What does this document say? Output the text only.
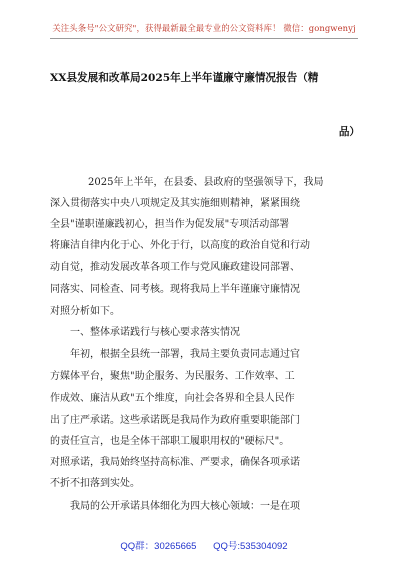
关注头条号"公文研究"，获得最新最全最专业的公文资料库！ 微信：gongwenyj
XX县发展和改革局2025年上半年谨廉守廉情况报告（精
品）
2025年上半年，在县委、县政府的坚强领导下，我局
深入贯彻落实中央八项规定及其实施细则精神，紧紧围绕
全县"谨职谨廉践初心，担当作为促发展"专项活动部署
将廉洁自律内化于心、外化于行，以高度的政治自觉和行动
动自觉，推动发展改革各项工作与党风廉政建设同部署、
同落实、同检查、同考核。现将我局上半年谨廉守廉情况
对照分析如下。
一、整体承诺践行与核心要求落实情况
年初，根据全县统一部署，我局主要负责同志通过官
方媒体平台，聚焦"助企服务、为民服务、工作效率、工
作成效、廉洁从政"五个维度，向社会各界和全县人民作
出了庄严承诺。这些承诺既是我局作为政府重要职能部门
的责任宣言，也是全体干部职工履职用权的"硬标尺"。
对照承诺，我局始终坚持高标准、严要求，确保各项承诺
不折不扣落到实处。
我局的公开承诺具体细化为四大核心领域：一是在项
QQ群：30265665 QQ号:535304092
